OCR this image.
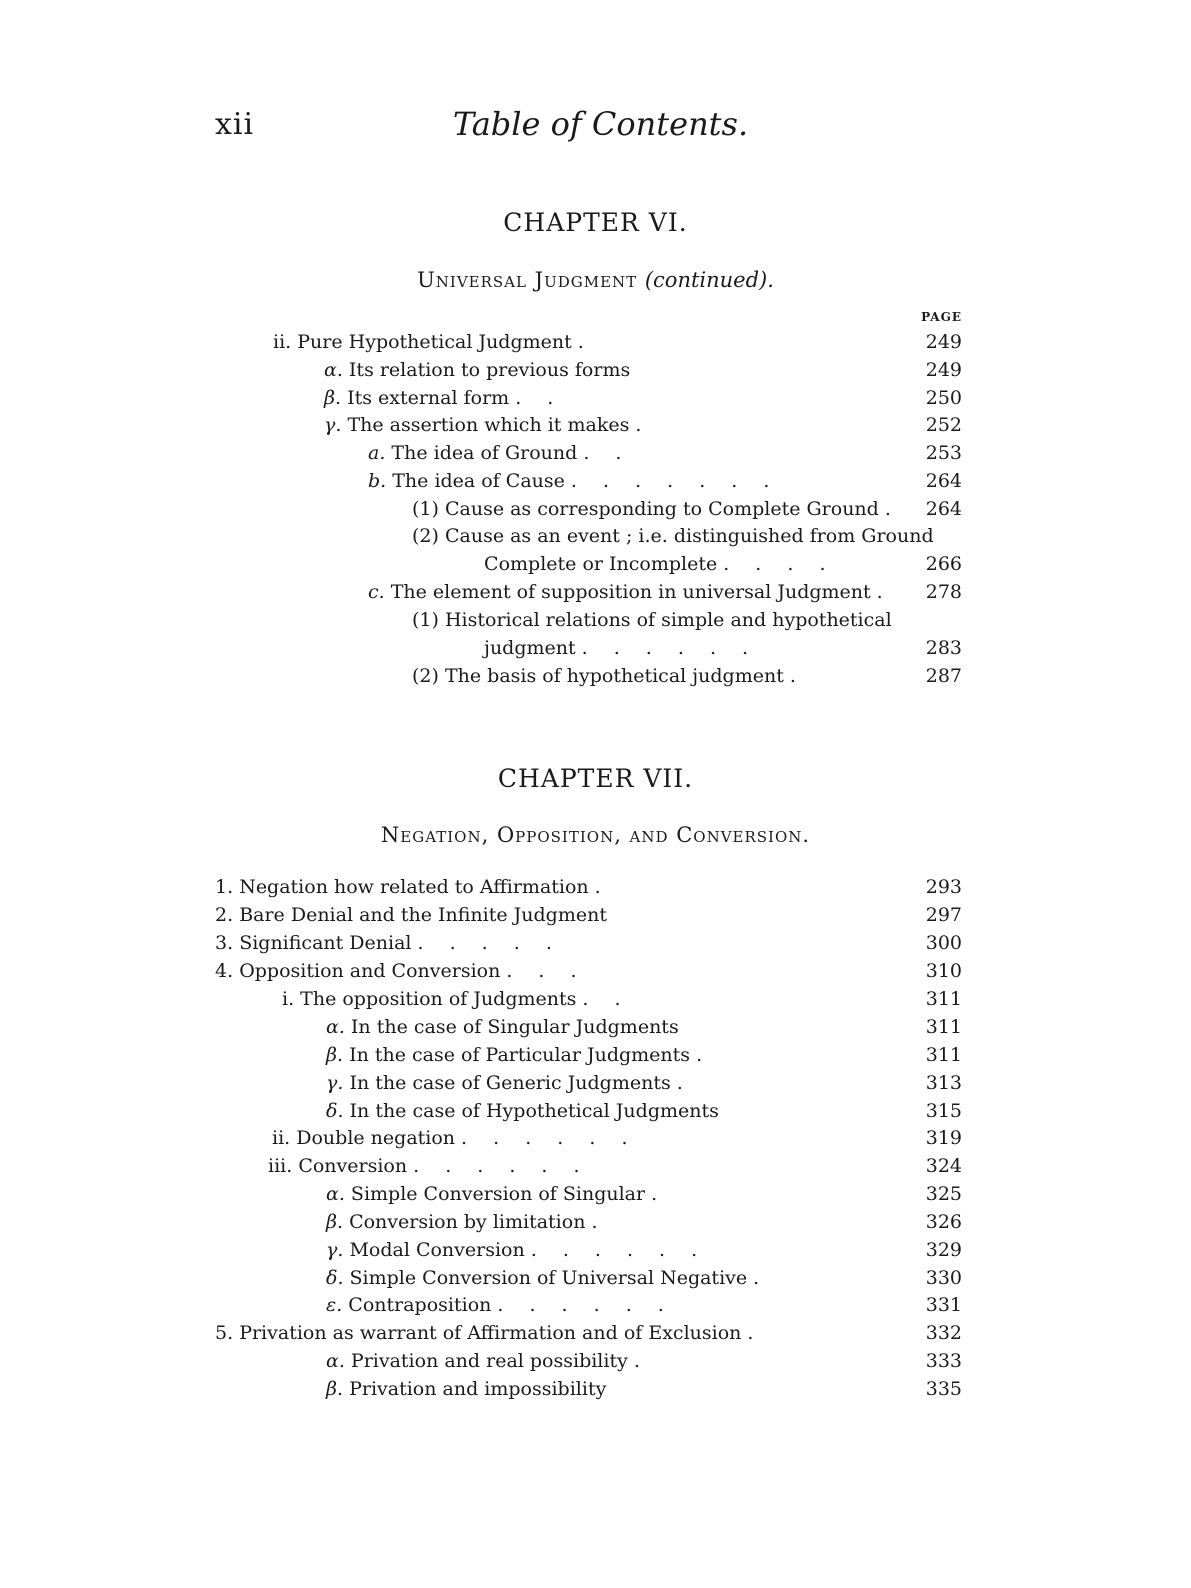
xii	Table of Contents.
CHAPTER VI.
Universal Judgment (continued).
PAGE
ii. Pure Hypothetical Judgment .	249
α. Its relation to previous forms	249
β. Its external form . .	250
γ. The assertion which it makes .	252
a. The idea of Ground . .	253
b. The idea of Cause . . . . . . .	264
(1) Cause as corresponding to Complete Ground .	264
(2) Cause as an event ; i.e. distinguished from Ground
Complete or Incomplete . . . .	266
c. The element of supposition in universal Judgment .	278
(1) Historical relations of simple and hypothetical
judgment . . . . . .	283
(2) The basis of hypothetical judgment .	287
CHAPTER VII.
Negation, Opposition, and Conversion.
1. Negation how related to Affirmation .	293
2. Bare Denial and the Infinite Judgment	297
3. Significant Denial . . . . .	300
4. Opposition and Conversion . . .	310
i. The opposition of Judgments . .	311
α. In the case of Singular Judgments	311
β. In the case of Particular Judgments .	311
γ. In the case of Generic Judgments .	313
δ. In the case of Hypothetical Judgments	315
ii. Double negation . . . . . .	319
iii. Conversion . . . . . .	324
α. Simple Conversion of Singular .	325
β. Conversion by limitation .	326
γ. Modal Conversion . . . . . .	329
δ. Simple Conversion of Universal Negative .	330
ε. Contraposition . . . . . .	331
5. Privation as warrant of Affirmation and of Exclusion .	332
α. Privation and real possibility .	333
β. Privation and impossibility	335
